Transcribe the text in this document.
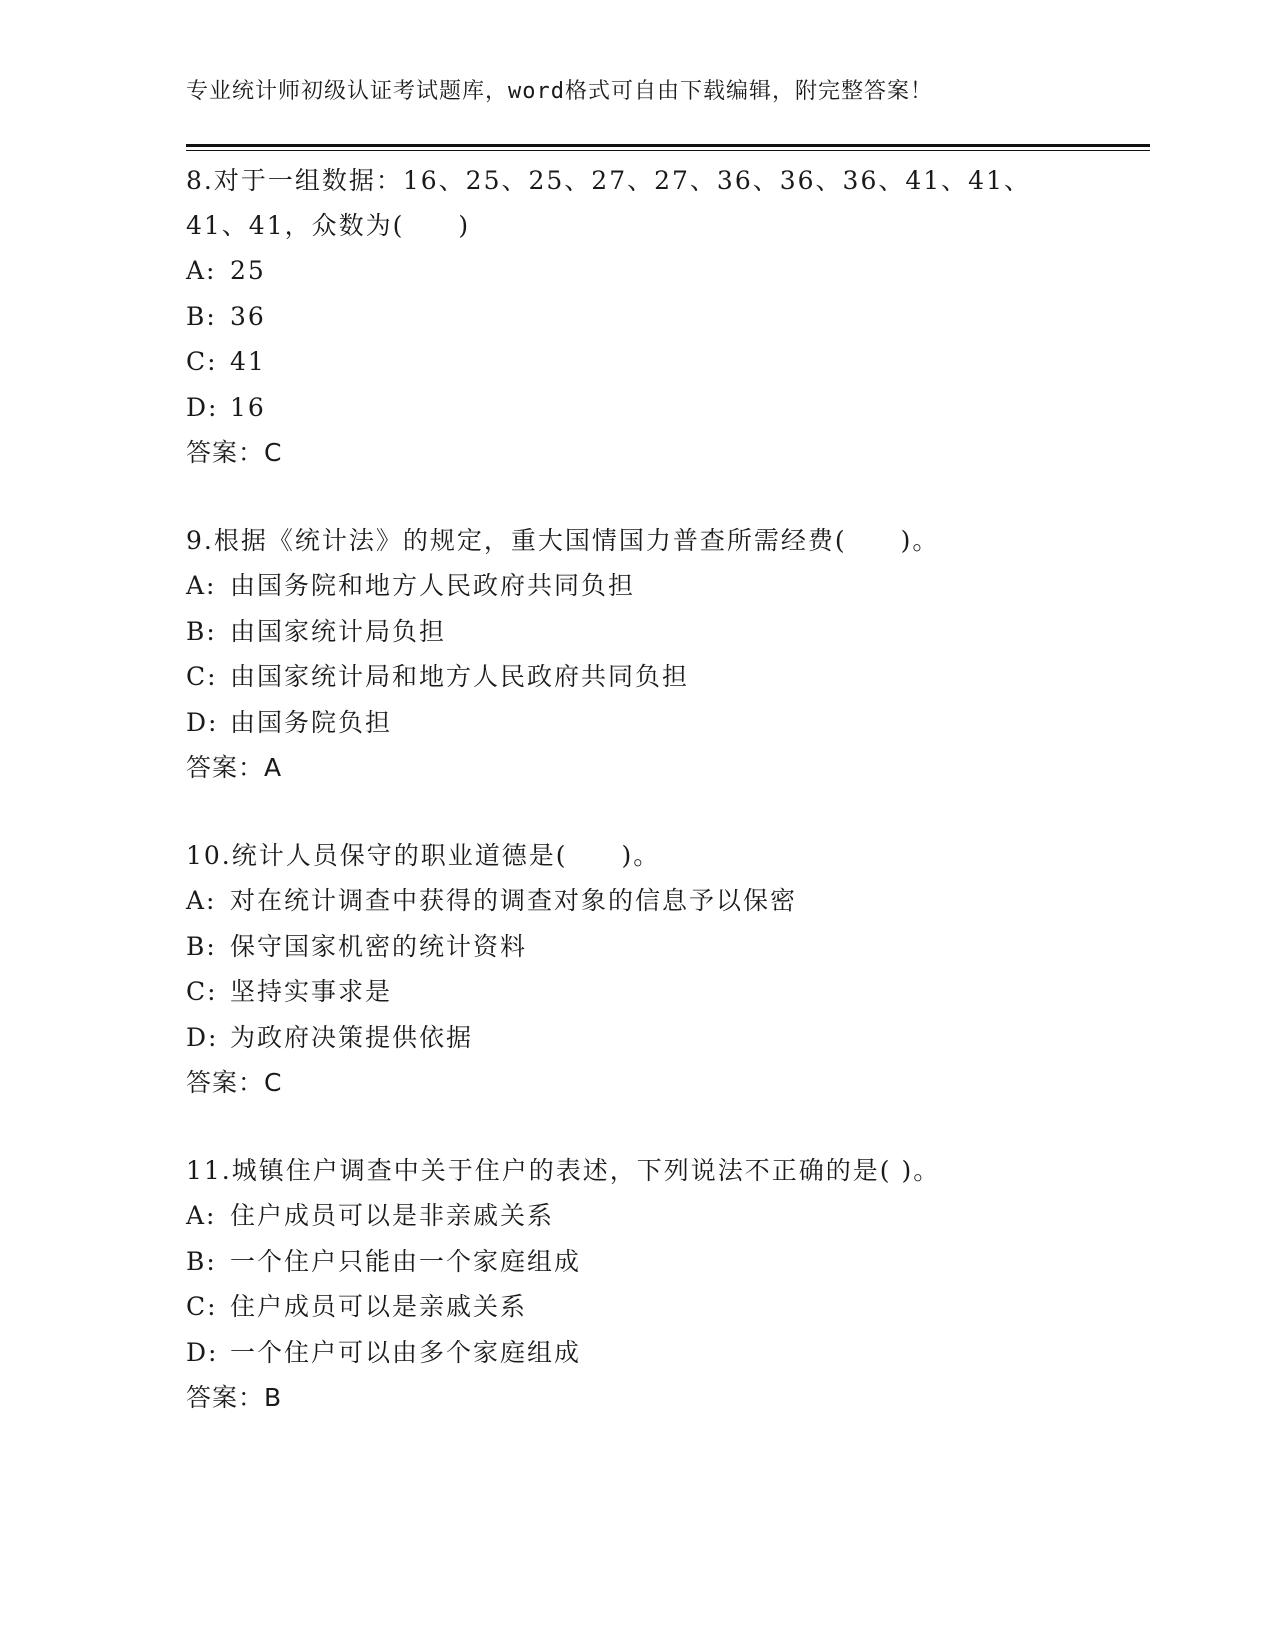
专业统计师初级认证考试题库，word格式可自由下载编辑，附完整答案！
8.对于一组数据：16、25、25、27、27、36、36、36、41、41、41、41，众数为(　　)
A: 25
B: 36
C: 41
D: 16
答案：C
9.根据《统计法》的规定，重大国情国力普查所需经费(　　)。
A: 由国务院和地方人民政府共同负担
B: 由国家统计局负担
C: 由国家统计局和地方人民政府共同负担
D: 由国务院负担
答案：A
10.统计人员保守的职业道德是(　　)。
A: 对在统计调查中获得的调查对象的信息予以保密
B: 保守国家机密的统计资料
C: 坚持实事求是
D: 为政府决策提供依据
答案：C
11.城镇住户调查中关于住户的表述，下列说法不正确的是( )。
A: 住户成员可以是非亲戚关系
B: 一个住户只能由一个家庭组成
C: 住户成员可以是亲戚关系
D: 一个住户可以由多个家庭组成
答案：B
